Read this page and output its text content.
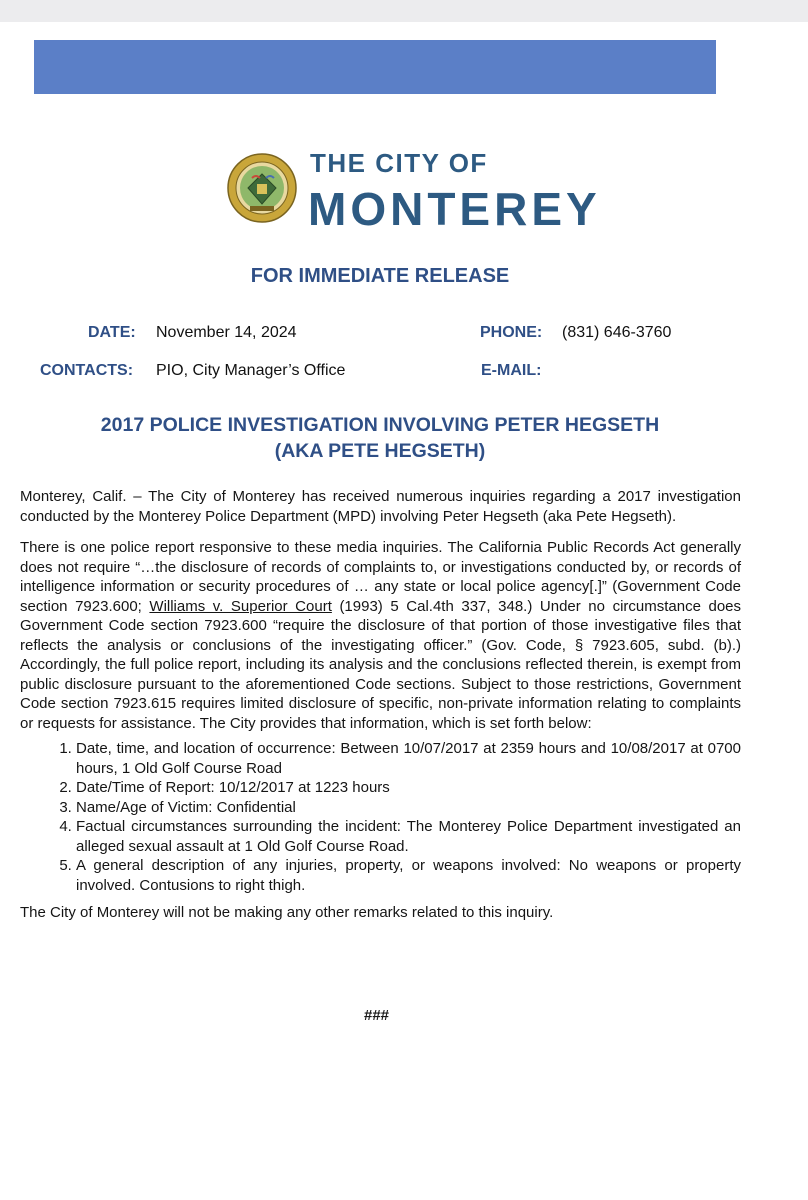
THE CITY OF
MONTEREY
FOR IMMEDIATE RELEASE
DATE: November 14, 2024	PHONE: (831) 646-3760
CONTACTS: PIO, City Manager’s Office	E-MAIL:
2017 POLICE INVESTIGATION INVOLVING PETER HEGSETH
(AKA PETE HEGSETH)

Monterey, Calif. – The City of Monterey has received numerous inquiries regarding a 2017 investigation conducted by the Monterey Police Department (MPD) involving Peter Hegseth (aka Pete Hegseth).

There is one police report responsive to these media inquiries. The California Public Records Act generally does not require “…the disclosure of records of complaints to, or investigations conducted by, or records of intelligence information or security procedures of … any state or local police agency[.]” (Government Code section 7923.600; Williams v. Superior Court (1993) 5 Cal.4th 337, 348.) Under no circumstance does Government Code section 7923.600 “require the disclosure of that portion of those investigative files that reflects the analysis or conclusions of the investigating officer.” (Gov. Code, § 7923.605, subd. (b).) Accordingly, the full police report, including its analysis and the conclusions reflected therein, is exempt from public disclosure pursuant to the aforementioned Code sections. Subject to those restrictions, Government Code section 7923.615 requires limited disclosure of specific, non-private information relating to complaints or requests for assistance. The City provides that information, which is set forth below:

1. Date, time, and location of occurrence: Between 10/07/2017 at 2359 hours and 10/08/2017 at 0700 hours, 1 Old Golf Course Road
2. Date/Time of Report: 10/12/2017 at 1223 hours
3. Name/Age of Victim: Confidential
4. Factual circumstances surrounding the incident: The Monterey Police Department investigated an alleged sexual assault at 1 Old Golf Course Road.
5. A general description of any injuries, property, or weapons involved: No weapons or property involved. Contusions to right thigh.

The City of Monterey will not be making any other remarks related to this inquiry.

###
